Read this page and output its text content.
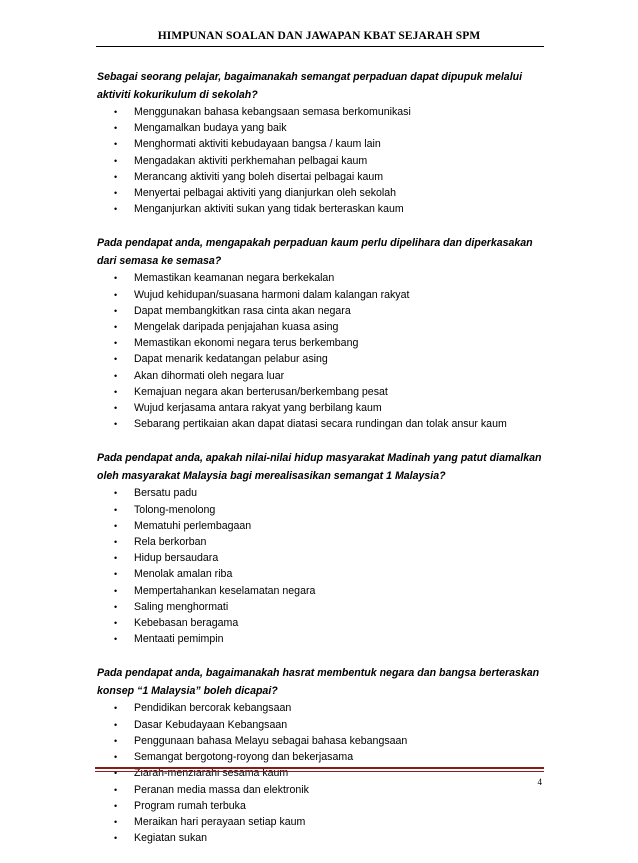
HIMPUNAN SOALAN DAN JAWAPAN KBAT SEJARAH SPM

Sebagai seorang pelajar, bagaimanakah semangat perpaduan dapat dipupuk melalui aktiviti kokurikulum di sekolah?

• Menggunakan bahasa kebangsaan semasa berkomunikasi
• Mengamalkan budaya yang baik
• Menghormati aktiviti kebudayaan bangsa / kaum lain
• Mengadakan aktiviti perkhemahan pelbagai kaum
• Merancang aktiviti yang boleh disertai pelbagai kaum
• Menyertai pelbagai aktiviti yang dianjurkan oleh sekolah
• Menganjurkan aktiviti sukan yang tidak berteraskan kaum

Pada pendapat anda, mengapakah perpaduan kaum perlu dipelihara dan diperkasakan dari semasa ke semasa?

• Memastikan keamanan negara berkekalan
• Wujud kehidupan/suasana harmoni dalam kalangan rakyat
• Dapat membangkitkan rasa cinta akan negara
• Mengelak daripada penjajahan kuasa asing
• Memastikan ekonomi negara terus berkembang
• Dapat menarik kedatangan pelabur asing
• Akan dihormati oleh negara luar
• Kemajuan negara akan berterusan/berkembang pesat
• Wujud kerjasama antara rakyat yang berbilang kaum
• Sebarang pertikaian akan dapat diatasi secara rundingan dan tolak ansur kaum

Pada pendapat anda, apakah nilai-nilai hidup masyarakat Madinah yang patut diamalkan oleh masyarakat Malaysia bagi merealisasikan semangat 1 Malaysia?

• Bersatu padu
• Tolong-menolong
• Mematuhi perlembagaan
• Rela berkorban
• Hidup bersaudara
• Menolak amalan riba
• Mempertahankan keselamatan negara
• Saling menghormati
• Kebebasan beragama
• Mentaati pemimpin

Pada pendapat anda, bagaimanakah hasrat membentuk negara dan bangsa berteraskan konsep “1 Malaysia” boleh dicapai?

• Pendidikan bercorak kebangsaan
• Dasar Kebudayaan Kebangsaan
• Penggunaan bahasa Melayu sebagai bahasa kebangsaan
• Semangat bergotong-royong dan bekerjasama
• Ziarah-menziarahi sesama kaum
• Peranan media massa dan elektronik
• Program rumah terbuka
• Meraikan hari perayaan setiap kaum
• Kegiatan sukan
4
